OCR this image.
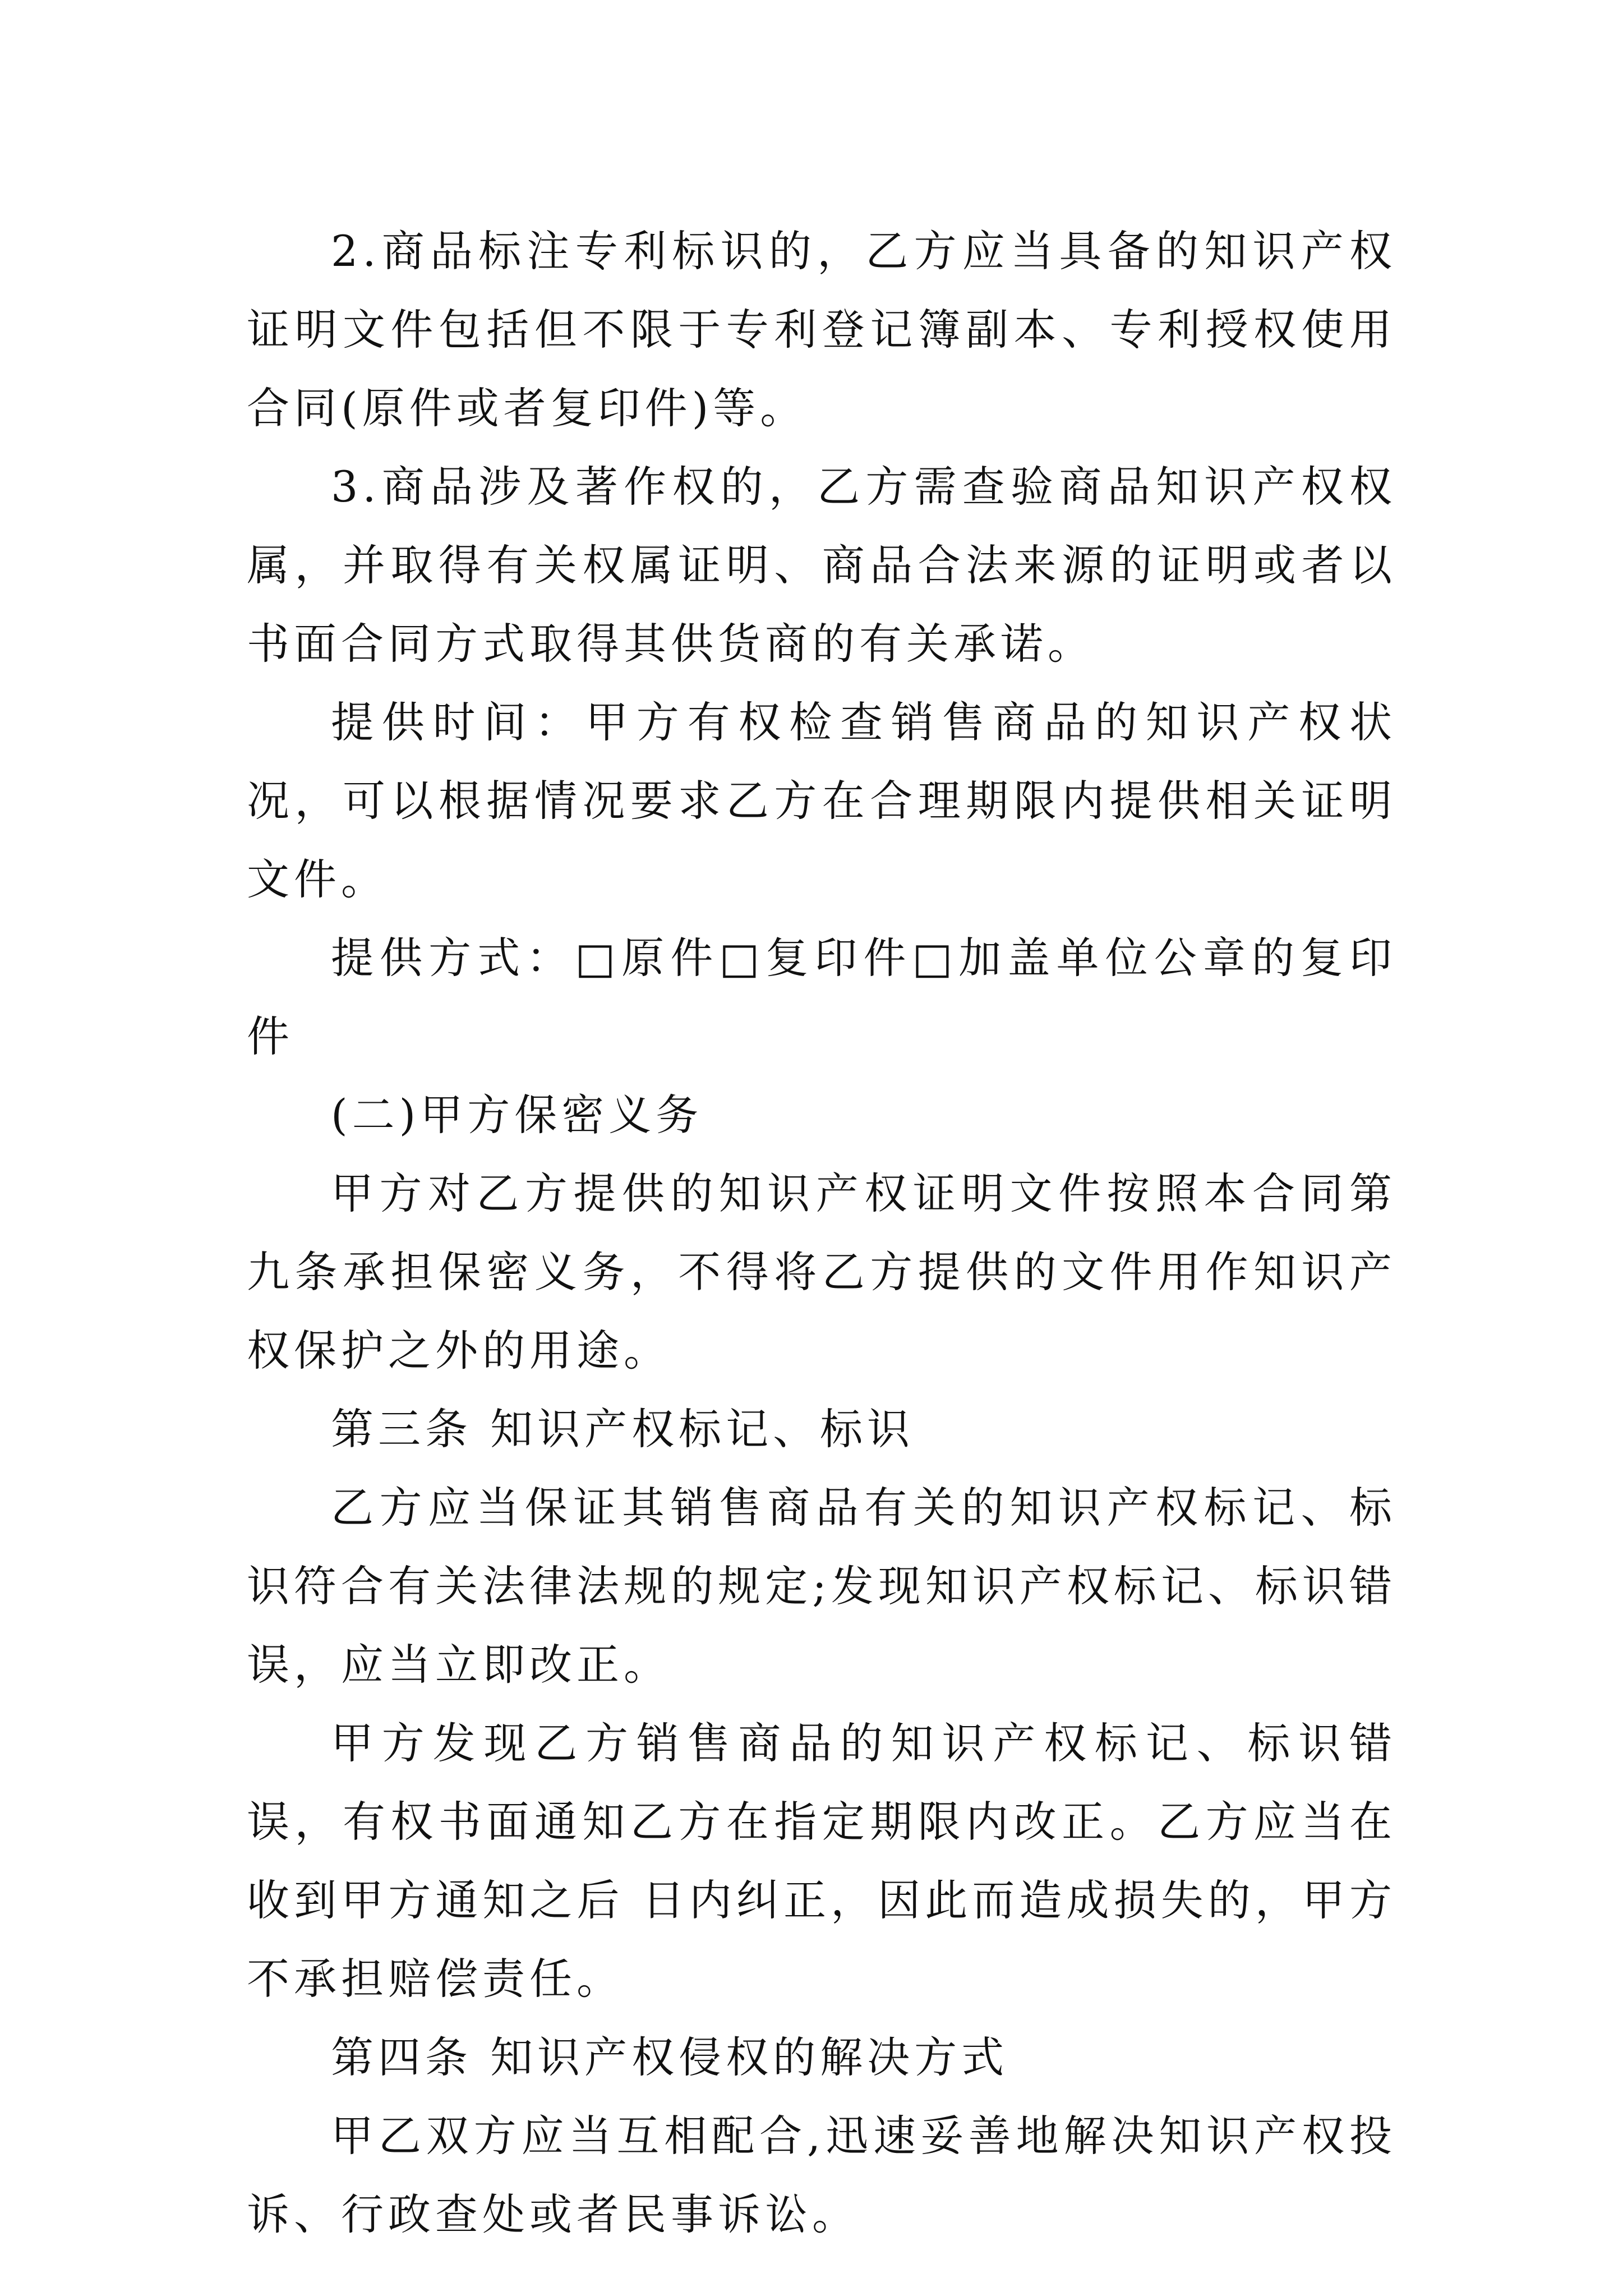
2.商品标注专利标识的，乙方应当具备的知识产权证明文件包括但不限于专利登记簿副本、专利授权使用合同(原件或者复印件)等。

3.商品涉及著作权的，乙方需查验商品知识产权权属，并取得有关权属证明、商品合法来源的证明或者以书面合同方式取得其供货商的有关承诺。

提供时间：甲方有权检查销售商品的知识产权状况，可以根据情况要求乙方在合理期限内提供相关证明文件。

提供方式：□原件□复印件□加盖单位公章的复印件

(二)甲方保密义务

甲方对乙方提供的知识产权证明文件按照本合同第九条承担保密义务，不得将乙方提供的文件用作知识产权保护之外的用途。

第三条 知识产权标记、标识

乙方应当保证其销售商品有关的知识产权标记、标识符合有关法律法规的规定;发现知识产权标记、标识错误，应当立即改正。

甲方发现乙方销售商品的知识产权标记、标识错误，有权书面通知乙方在指定期限内改正。乙方应当在收到甲方通知之后 日内纠正，因此而造成损失的，甲方不承担赔偿责任。

第四条 知识产权侵权的解决方式

甲乙双方应当互相配合,迅速妥善地解决知识产权投诉、行政查处或者民事诉讼。
